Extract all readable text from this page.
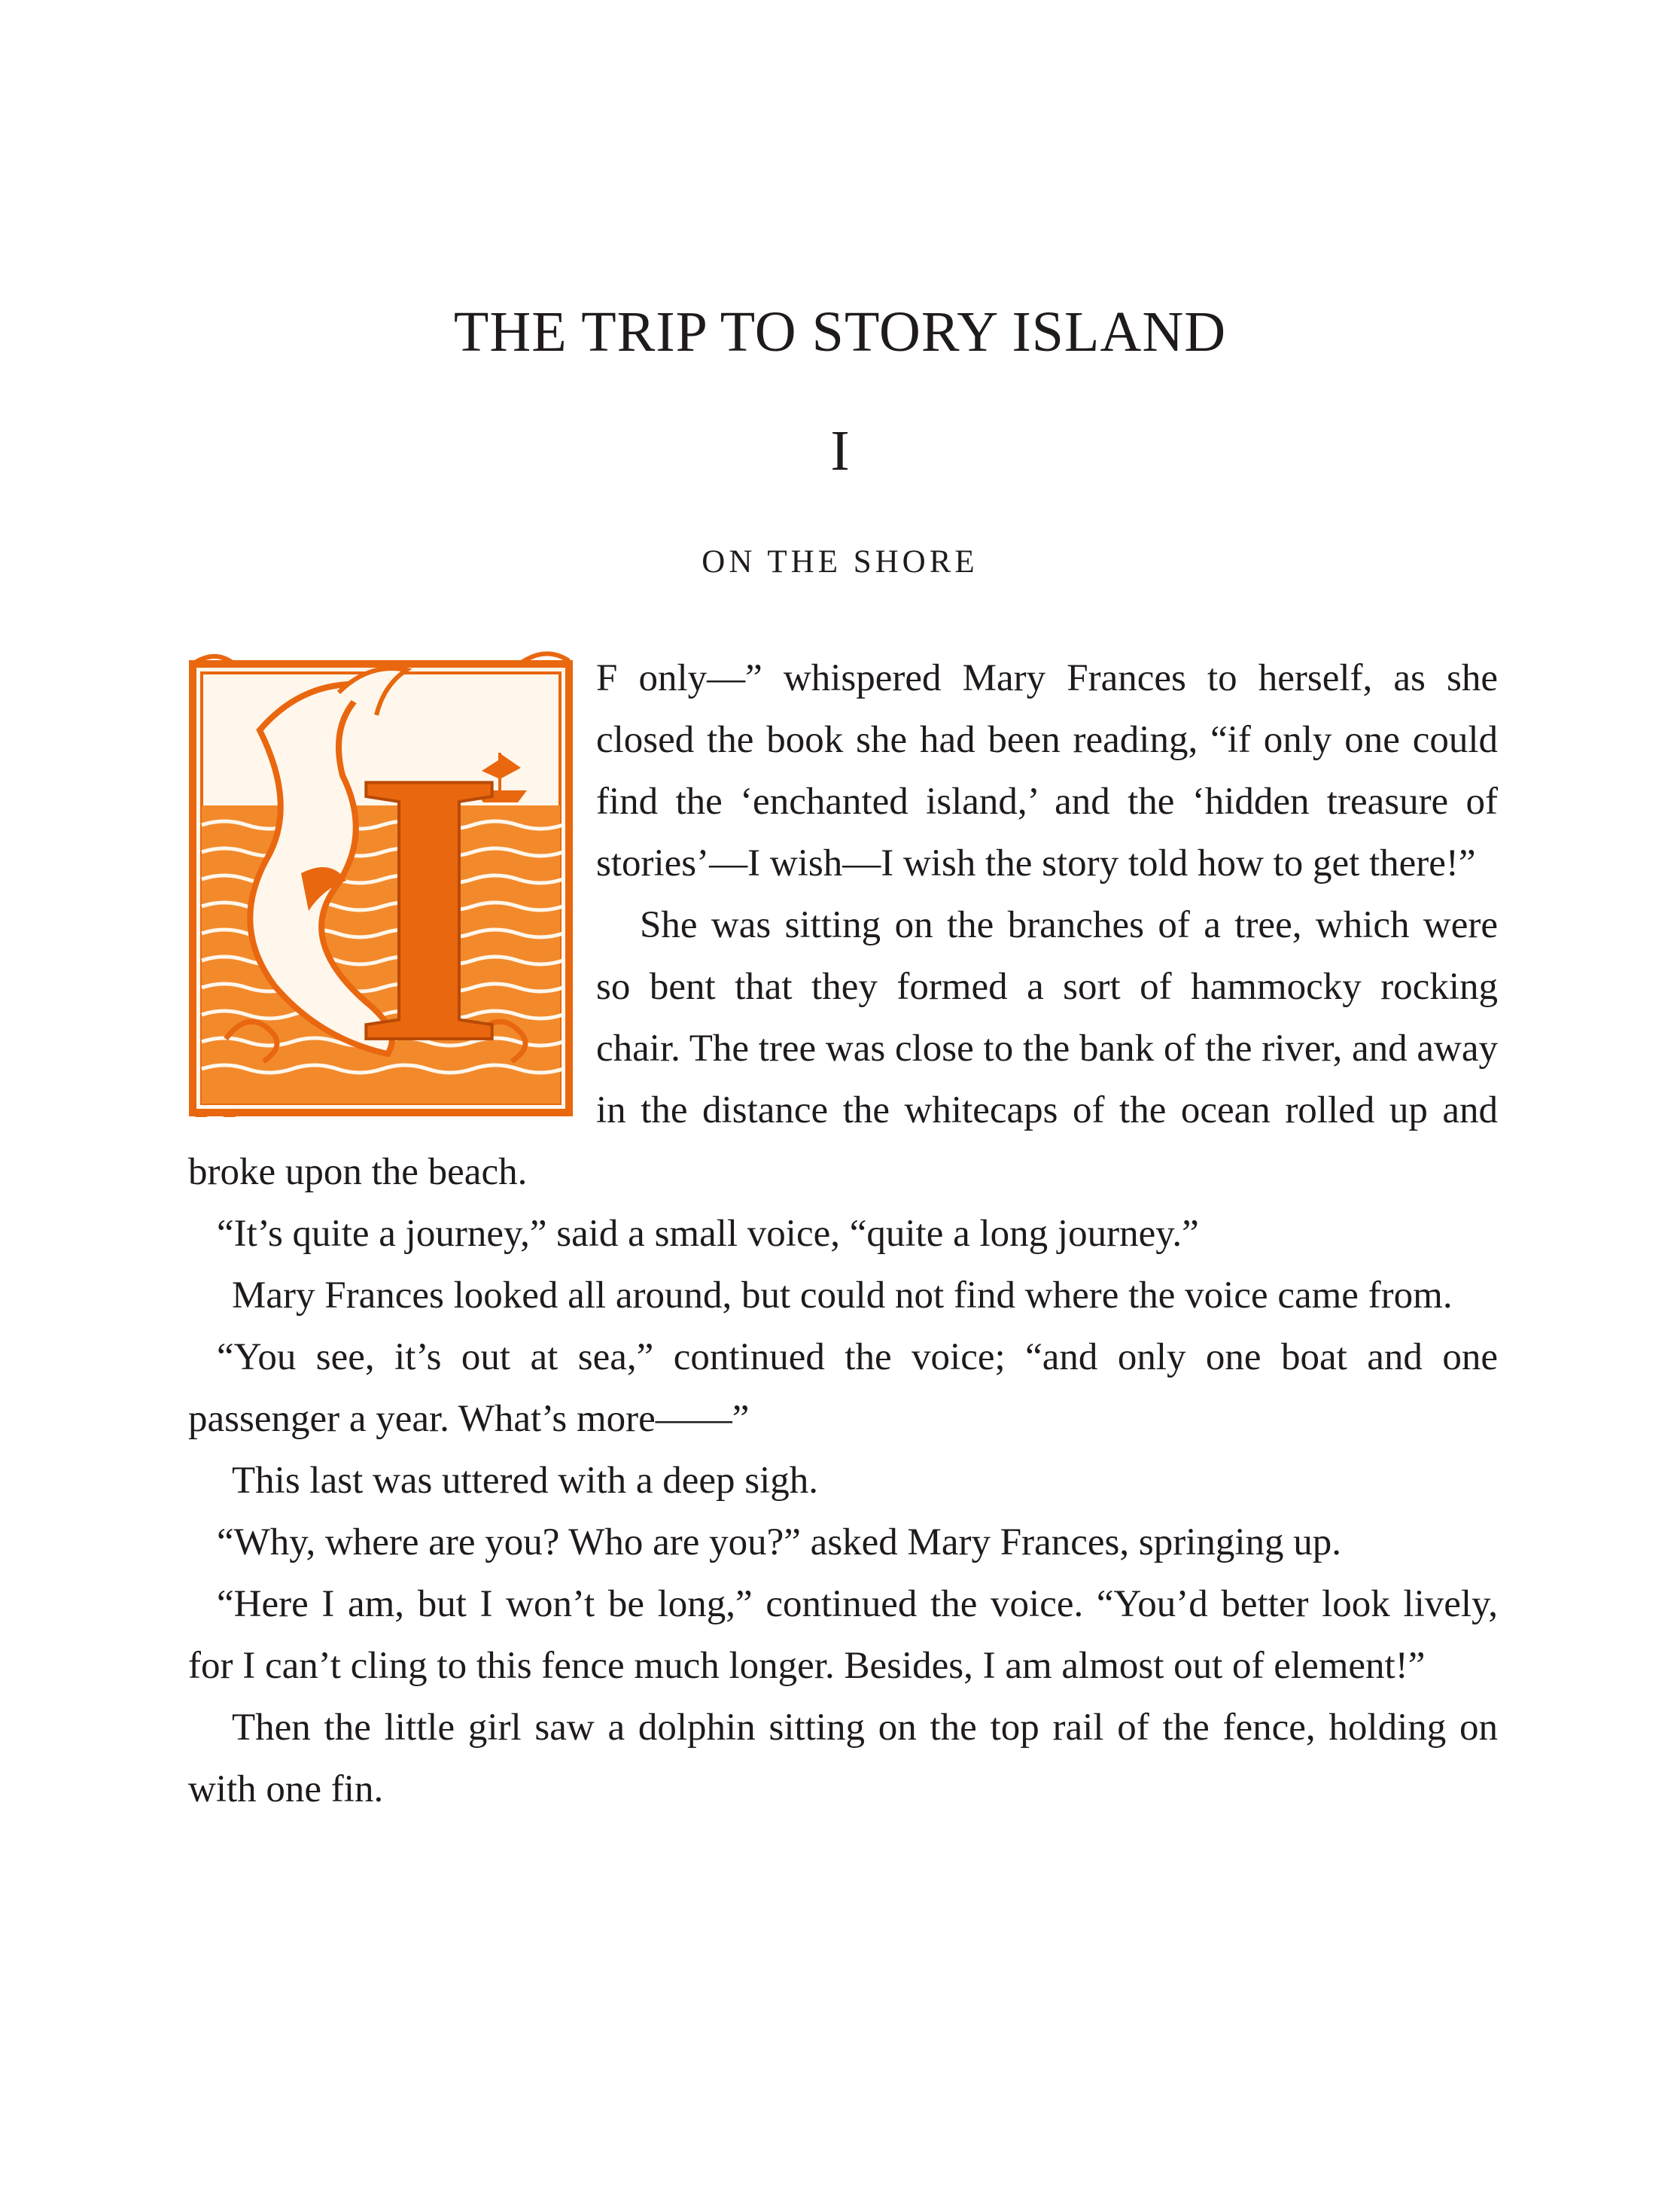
THE TRIP TO STORY ISLAND
I
ON THE SHORE
I

F only—” whispered Mary Frances to herself, as she closed the book she had been reading, “if only one could find the ‘enchanted island,’ and the ‘hidden treasure of stories’—I wish—I wish the story told how to get there!”

She was sitting on the branches of a tree, which were so bent that they formed a sort of hammocky rocking chair. The tree was close to the bank of the river, and away in the distance the whitecaps of the ocean rolled up and broke upon the beach.

“It’s quite a journey,” said a small voice, “quite a long journey.”

Mary Frances looked all around, but could not find where the voice came from.

“You see, it’s out at sea,” continued the voice; “and only one boat and one passenger a year. What’s more——”

This last was uttered with a deep sigh.

“Why, where are you? Who are you?” asked Mary Frances, springing up.

“Here I am, but I won’t be long,” continued the voice. “You’d better look lively, for I can’t cling to this fence much longer. Besides, I am almost out of element!”

Then the little girl saw a dolphin sitting on the top rail of the fence, holding on with one fin.
